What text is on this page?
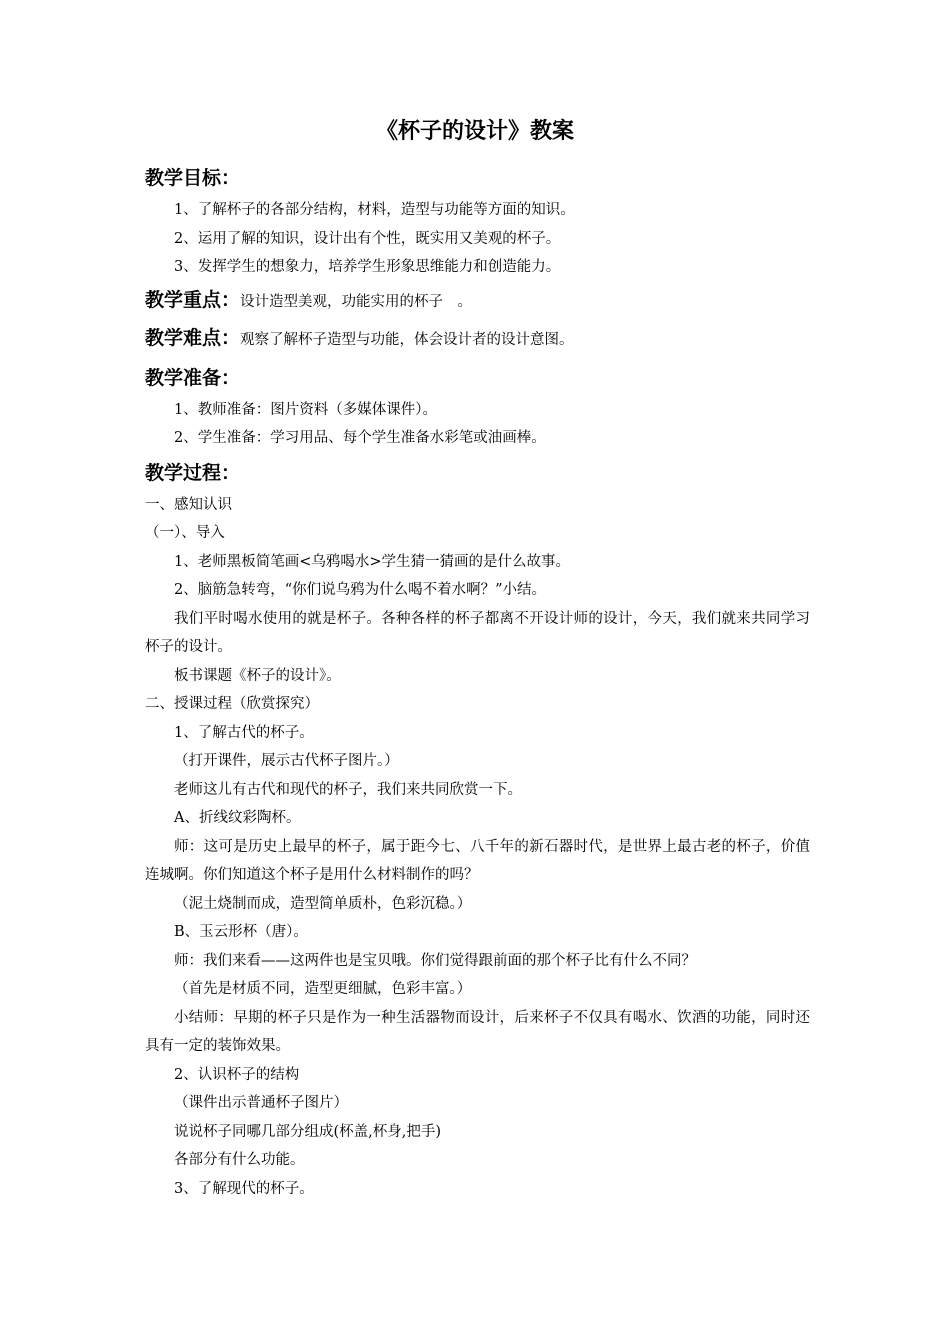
《杯子的设计》教案
教学目标：
1、了解杯子的各部分结构，材料，造型与功能等方面的知识。
2、运用了解的知识，设计出有个性，既实用又美观的杯子。
3、发挥学生的想象力，培养学生形象思维能力和创造能力。
教学重点：设计造型美观，功能实用的杯子　。
教学难点：观察了解杯子造型与功能，体会设计者的设计意图。
教学准备：
1、教师准备：图片资料（多媒体课件）。
2、学生准备：学习用品、每个学生准备水彩笔或油画棒。
教学过程：
一、感知认识
（一）、导入
1、老师黑板简笔画<乌鸦喝水>学生猜一猜画的是什么故事。
2、脑筋急转弯，“你们说乌鸦为什么喝不着水啊？”小结。
我们平时喝水使用的就是杯子。各种各样的杯子都离不开设计师的设计，今天，我们就来共同学习杯子的设计。
板书课题《杯子的设计》。
二、授课过程（欣赏探究）
1、了解古代的杯子。
（打开课件，展示古代杯子图片。）
老师这儿有古代和现代的杯子，我们来共同欣赏一下。
A、折线纹彩陶杯。
师：这可是历史上最早的杯子，属于距今七、八千年的新石器时代，是世界上最古老的杯子，价值连城啊。你们知道这个杯子是用什么材料制作的吗？
（泥土烧制而成，造型简单质朴，色彩沉稳。）
B、玉云形杯（唐）。
师：我们来看——这两件也是宝贝哦。你们觉得跟前面的那个杯子比有什么不同？
（首先是材质不同，造型更细腻，色彩丰富。）
小结师：早期的杯子只是作为一种生活器物而设计，后来杯子不仅具有喝水、饮酒的功能，同时还具有一定的装饰效果。
2、认识杯子的结构
（课件出示普通杯子图片）
说说杯子同哪几部分组成(杯盖,杯身,把手)
各部分有什么功能。
3、了解现代的杯子。
